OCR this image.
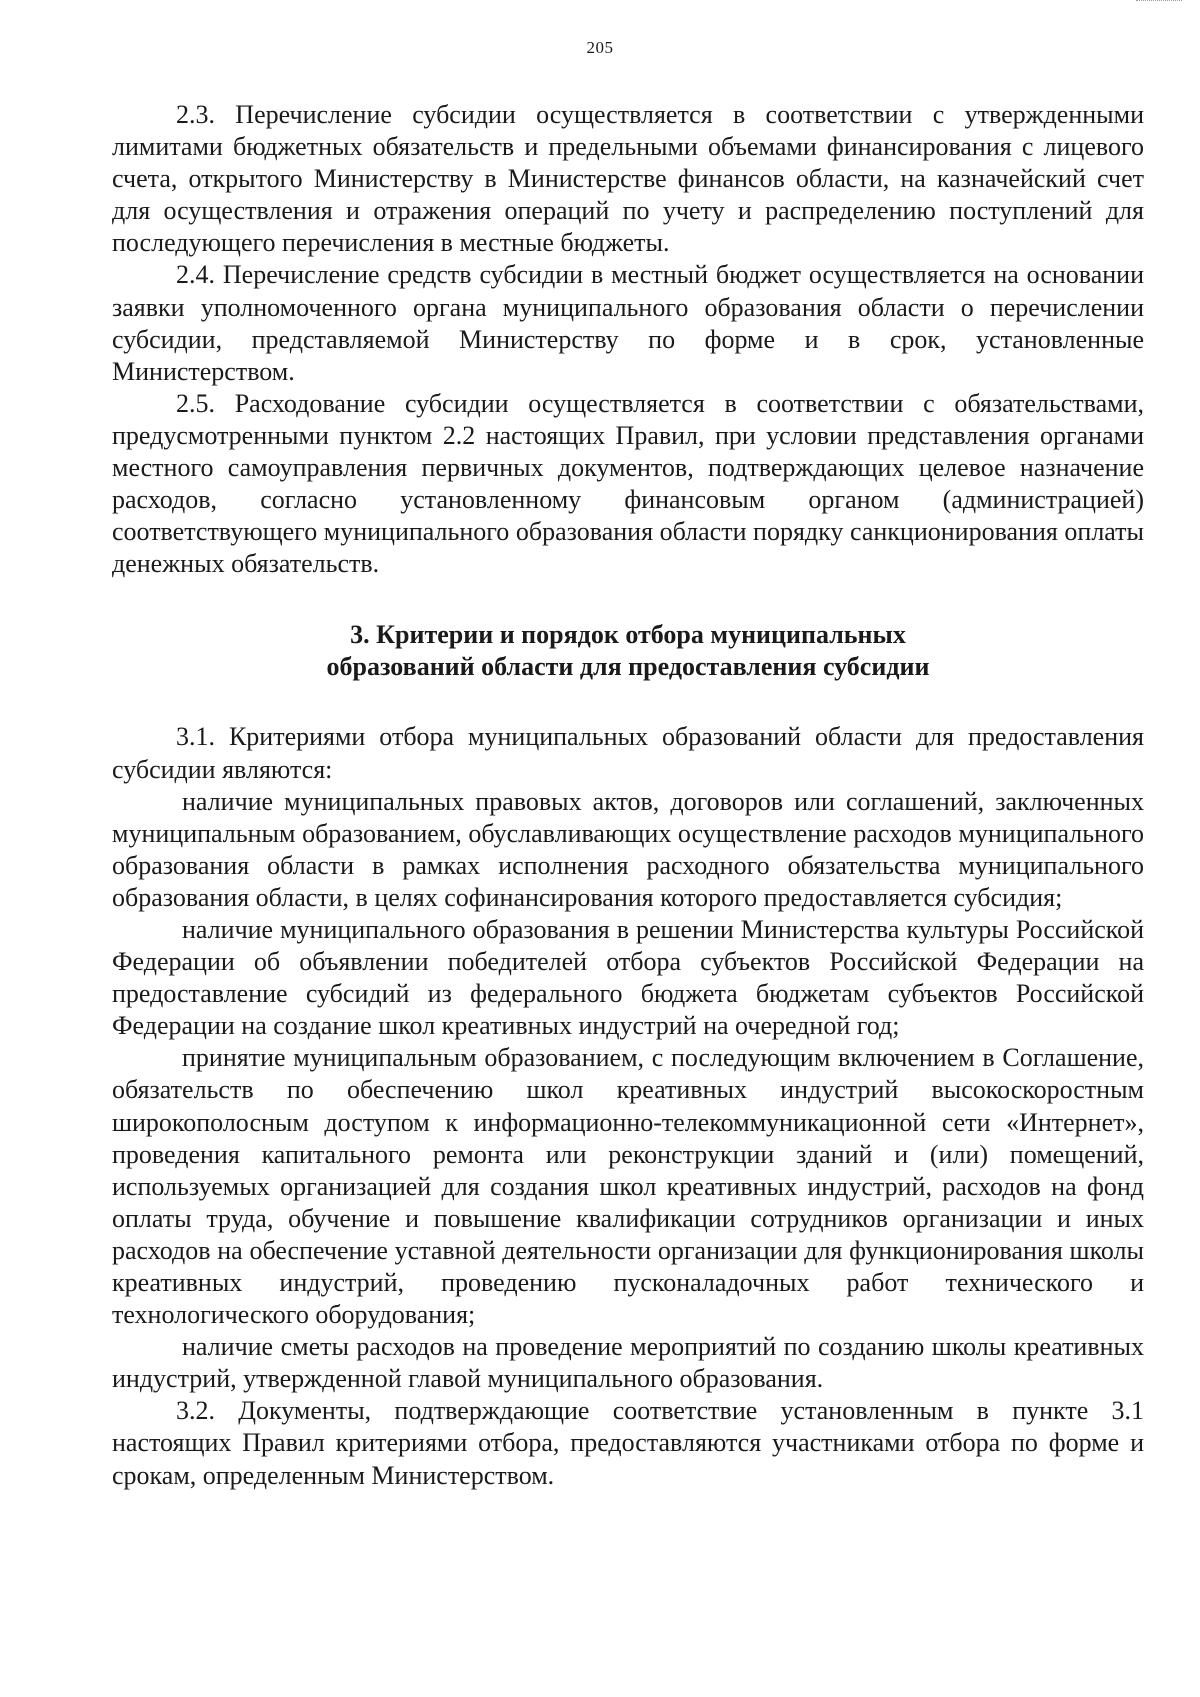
205

2.3. Перечисление субсидии осуществляется в соответствии с утвержденными лимитами бюджетных обязательств и предельными объемами финансирования с лицевого счета, открытого Министерству в Министерстве финансов области, на казначейский счет для осуществления и отражения операций по учету и распределению поступлений для последующего перечисления в местные бюджеты.

2.4. Перечисление средств субсидии в местный бюджет осуществляется на основании заявки уполномоченного органа муниципального образования области о перечислении субсидии, представляемой Министерству по форме и в срок, установленные Министерством.

2.5. Расходование субсидии осуществляется в соответствии с обязательствами, предусмотренными пунктом 2.2 настоящих Правил, при условии представления органами местного самоуправления первичных документов, подтверждающих целевое назначение расходов, согласно установленному финансовым органом (администрацией) соответствующего муниципального образования области порядку санкционирования оплаты денежных обязательств.

3. Критерии и порядок отбора муниципальных
образований области для предоставления субсидии

3.1. Критериями отбора муниципальных образований области для предоставления субсидии являются:

наличие муниципальных правовых актов, договоров или соглашений, заключенных муниципальным образованием, обуславливающих осуществление расходов муниципального образования области в рамках исполнения расходного обязательства муниципального образования области, в целях софинансирования которого предоставляется субсидия;

наличие муниципального образования в решении Министерства культуры Российской Федерации об объявлении победителей отбора субъектов Российской Федерации на предоставление субсидий из федерального бюджета бюджетам субъектов Российской Федерации на создание школ креативных индустрий на очередной год;

принятие муниципальным образованием, с последующим включением в Соглашение, обязательств по обеспечению школ креативных индустрий высокоскоростным широкополосным доступом к информационно-телекоммуникационной сети «Интернет», проведения капитального ремонта или реконструкции зданий и (или) помещений, используемых организацией для создания школ креативных индустрий, расходов на фонд оплаты труда, обучение и повышение квалификации сотрудников организации и иных расходов на обеспечение уставной деятельности организации для функционирования школы креативных индустрий, проведению пусконаладочных работ технического и технологического оборудования;

наличие сметы расходов на проведение мероприятий по созданию школы креативных индустрий, утвержденной главой муниципального образования.

3.2. Документы, подтверждающие соответствие установленным в пункте 3.1 настоящих Правил критериями отбора, предоставляются участниками отбора по форме и срокам, определенным Министерством.
